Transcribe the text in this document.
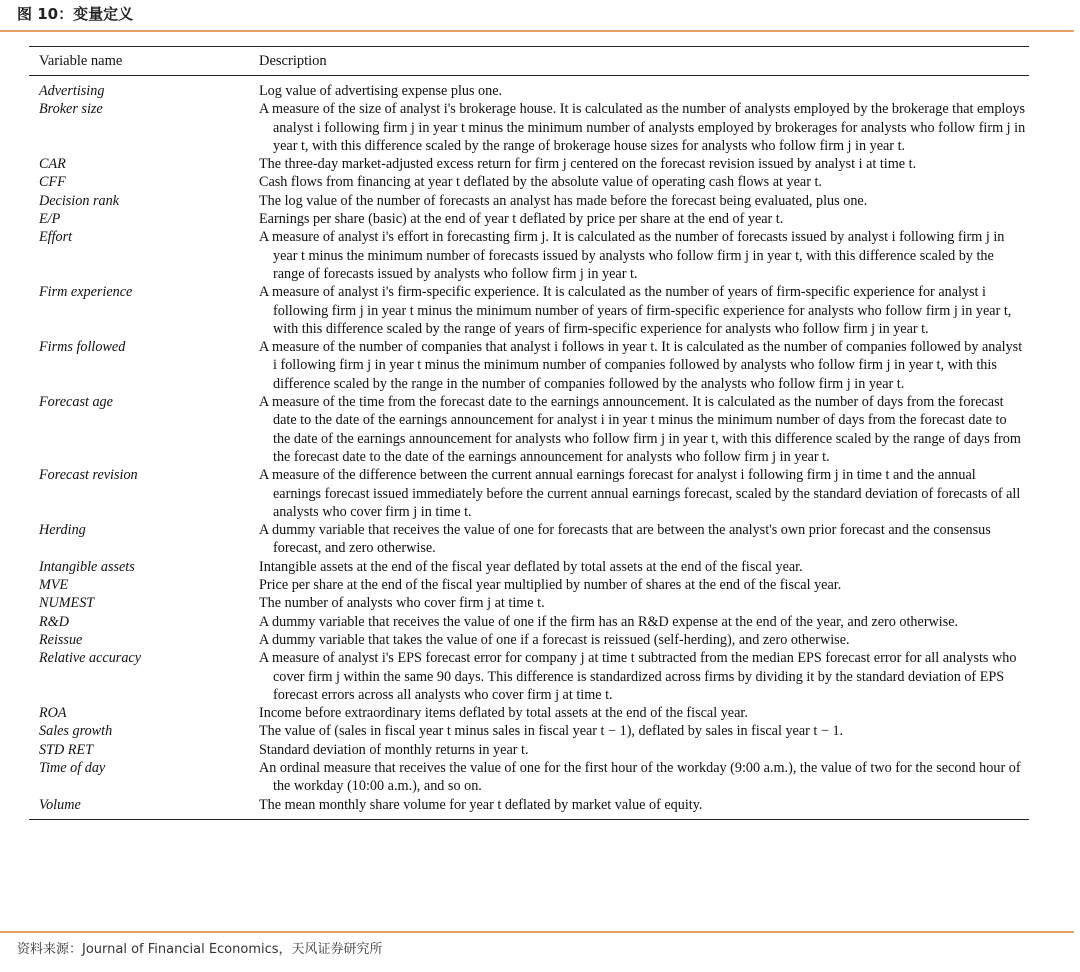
图 10：变量定义
Variable name	Description
Advertising	Log value of advertising expense plus one.

Broker size	A measure of the size of analyst i's brokerage house. It is calculated as the number of analysts employed by the brokerage that employs analyst i following firm j in year t minus the minimum number of analysts employed by brokerages for analysts who follow firm j in year t, with this difference scaled by the range of brokerage house sizes for analysts who follow firm j in year t.

CAR	The three-day market-adjusted excess return for firm j centered on the forecast revision issued by analyst i at time t.

CFF	Cash flows from financing at year t deflated by the absolute value of operating cash flows at year t.

Decision rank	The log value of the number of forecasts an analyst has made before the forecast being evaluated, plus one.

E/P	Earnings per share (basic) at the end of year t deflated by price per share at the end of year t.

Effort	A measure of analyst i's effort in forecasting firm j. It is calculated as the number of forecasts issued by analyst i following firm j in year t minus the minimum number of forecasts issued by analysts who follow firm j in year t, with this difference scaled by the range of forecasts issued by analysts who follow firm j in year t.

Firm experience	A measure of analyst i's firm-specific experience. It is calculated as the number of years of firm-specific experience for analyst i following firm j in year t minus the minimum number of years of firm-specific experience for analysts who follow firm j in year t, with this difference scaled by the range of years of firm-specific experience for analysts who follow firm j in year t.

Firms followed	A measure of the number of companies that analyst i follows in year t. It is calculated as the number of companies followed by analyst i following firm j in year t minus the minimum number of companies followed by analysts who follow firm j in year t, with this difference scaled by the range in the number of companies followed by the analysts who follow firm j in year t.

Forecast age	A measure of the time from the forecast date to the earnings announcement. It is calculated as the number of days from the forecast date to the date of the earnings announcement for analyst i in year t minus the minimum number of days from the forecast date to the date of the earnings announcement for analysts who follow firm j in year t, with this difference scaled by the range of days from the forecast date to the date of the earnings announcement for analysts who follow firm j in year t.

Forecast revision	A measure of the difference between the current annual earnings forecast for analyst i following firm j in time t and the annual earnings forecast issued immediately before the current annual earnings forecast, scaled by the standard deviation of forecasts of all analysts who cover firm j in time t.

Herding	A dummy variable that receives the value of one for forecasts that are between the analyst's own prior forecast and the consensus forecast, and zero otherwise.

Intangible assets	Intangible assets at the end of the fiscal year deflated by total assets at the end of the fiscal year.

MVE	Price per share at the end of the fiscal year multiplied by number of shares at the end of the fiscal year.

NUMEST	The number of analysts who cover firm j at time t.

R&D	A dummy variable that receives the value of one if the firm has an R&D expense at the end of the year, and zero otherwise.

Reissue	A dummy variable that takes the value of one if a forecast is reissued (self-herding), and zero otherwise.

Relative accuracy	A measure of analyst i's EPS forecast error for company j at time t subtracted from the median EPS forecast error for all analysts who cover firm j within the same 90 days. This difference is standardized across firms by dividing it by the standard deviation of EPS forecast errors across all analysts who cover firm j at time t.

ROA	Income before extraordinary items deflated by total assets at the end of the fiscal year.

Sales growth	The value of (sales in fiscal year t minus sales in fiscal year t − 1), deflated by sales in fiscal year t − 1.

STD RET	Standard deviation of monthly returns in year t.

Time of day	An ordinal measure that receives the value of one for the first hour of the workday (9:00 a.m.), the value of two for the second hour of the workday (10:00 a.m.), and so on.

Volume	The mean monthly share volume for year t deflated by market value of equity.
资料来源：Journal of Financial Economics，天风证券研究所
